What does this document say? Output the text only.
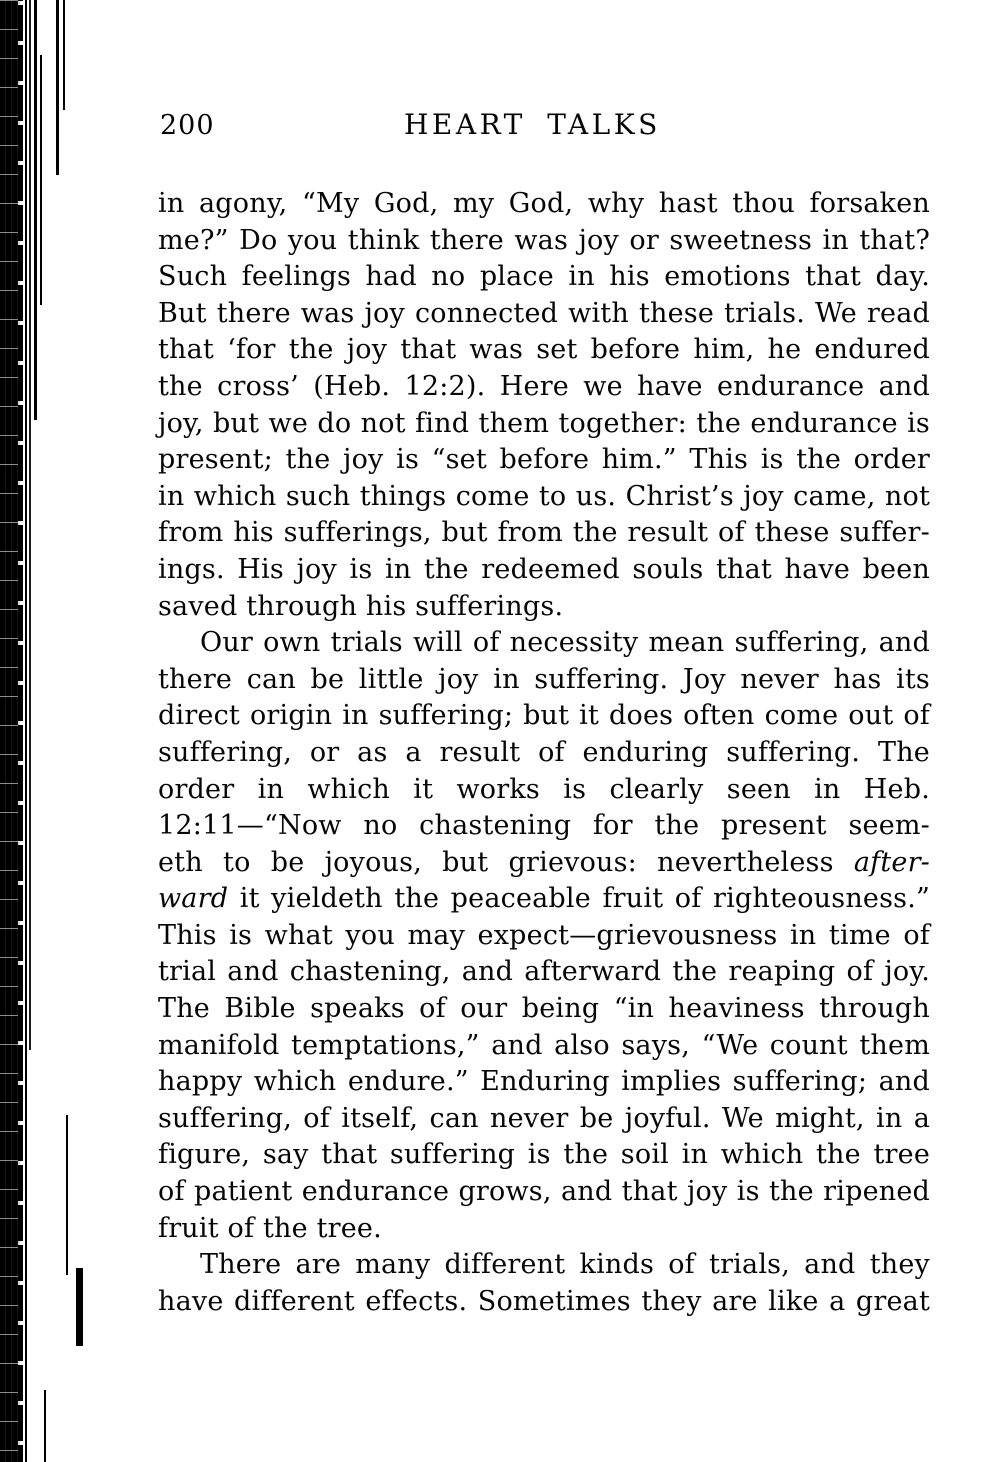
200	HEART TALKS
in agony, “My God, my God, why hast thou forsaken
me?” Do you think there was joy or sweetness in that?
Such feelings had no place in his emotions that day.
But there was joy connected with these trials. We read
that ‘for the joy that was set before him, he endured
the cross’ (Heb. 12:2). Here we have endurance and
joy, but we do not find them together: the endurance is
present; the joy is “set before him.” This is the order
in which such things come to us. Christ’s joy came, not
from his sufferings, but from the result of these suffer-
ings. His joy is in the redeemed souls that have been
saved through his sufferings.
Our own trials will of necessity mean suffering, and
there can be little joy in suffering. Joy never has its
direct origin in suffering; but it does often come out of
suffering, or as a result of enduring suffering. The
order in which it works is clearly seen in Heb.
12:11—“Now no chastening for the present seem-
eth to be joyous, but grievous: nevertheless after-
ward it yieldeth the peaceable fruit of righteousness.”
This is what you may expect—grievousness in time of
trial and chastening, and afterward the reaping of joy.
The Bible speaks of our being “in heaviness through
manifold temptations,” and also says, “We count them
happy which endure.” Enduring implies suffering; and
suffering, of itself, can never be joyful. We might, in a
figure, say that suffering is the soil in which the tree
of patient endurance grows, and that joy is the ripened
fruit of the tree.
There are many different kinds of trials, and they
have different effects. Sometimes they are like a great
